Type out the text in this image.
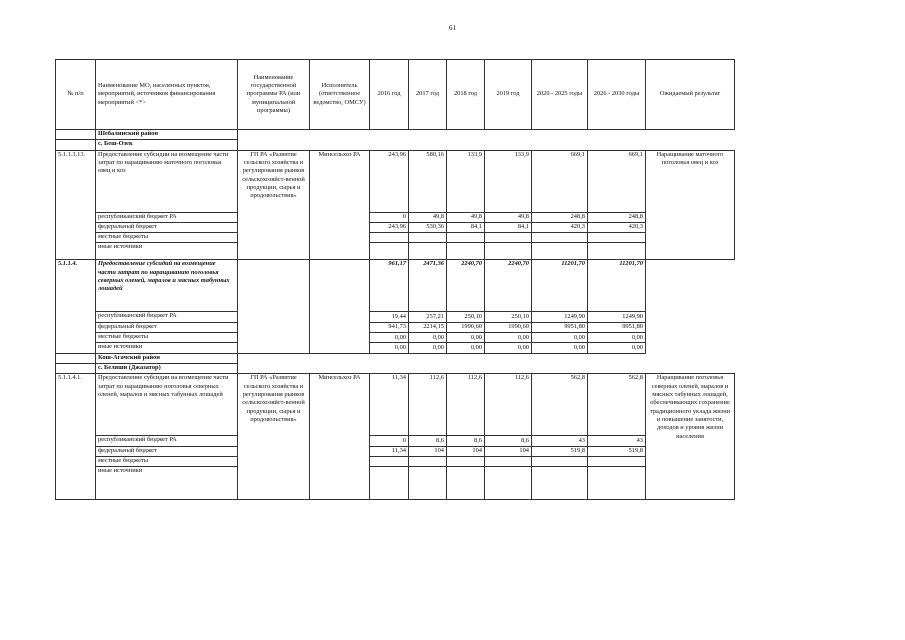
61
№ п/п	Наименование МО, населенных пунктов, мероприятий, источников финансирования мероприятий <*>	Наименование государственной программы РА (или муниципальной программы)	Исполнитель (ответственное ведомство, ОМСУ)	2016 год	2017 год	2018 год	2019 год	2020 - 2025 годы	2026 - 2030 годы	Ожидаемый результат
	Шебалинский район									
	с. Беш-Озек									
5.1.1.3.13.	Предоставление субсидии на возмещение части затрат по наращиванию маточного поголовья овец и коз	ГП РА «Развитие сельского хозяйства и регулирования рынков сельскохозяйст-венной продукции, сырья и продовольствия»	Минсельхоз РА	243,96	580,16	133,9	133,9	669,1	669,1	Наращивание маточного поголовья овец и коз
	республиканский бюджет РА			0	49,8	49,8	49,8	248,8	248,8	
	федеральный бюджет			243,96	530,36	84,1	84,1	420,3	420,3	
	местные бюджеты									
	иные источники									
5.1.1.4.	Предоставление субсидий на возмещение части затрат по наращиванию поголовья северных оленей, маралов и мясных табунных лошадей			961,17	2471,36	2240,70	2240,70	11201,70	11201,70	
	республиканский бюджет РА			19,44	257,21	250,10	250,10	1249,90	1249,90	
	федеральный бюджет			941,73	2214,15	1990,60	1990,60	9951,80	9951,80	
	местные бюджеты			0,00	0,00	0,00	0,00	0,00	0,00	
	иные источники			0,00	0,00	0,00	0,00	0,00	0,00	
	Кош-Агачский район									
	с. Беляши (Джазатор)									
5.1.1.4.1.	Предоставление субсидии на возмещение части затрат по наращиванию поголовья северных оленей, маралов и мясных табунных лошадей	ГП РА «Развитие сельского хозяйства и регулирования рынков сельскохозяйст-венной продукции, сырья и продовольствия»	Минсельхоз РА	11,34	112,6	112,6	112,6	562,8	562,8	Наращивание поголовья северных оленей, маралов и мясных табунных лошадей, обеспечивающих сохранение традиционного уклада жизни и повышение занятости, доходов и уровня жизни населения
	республиканский бюджет РА			0	8,6	8,6	8,6	43	43	
	федеральный бюджет			11,34	104	104	104	519,8	519,8	
	местные бюджеты									
	иные источники									
